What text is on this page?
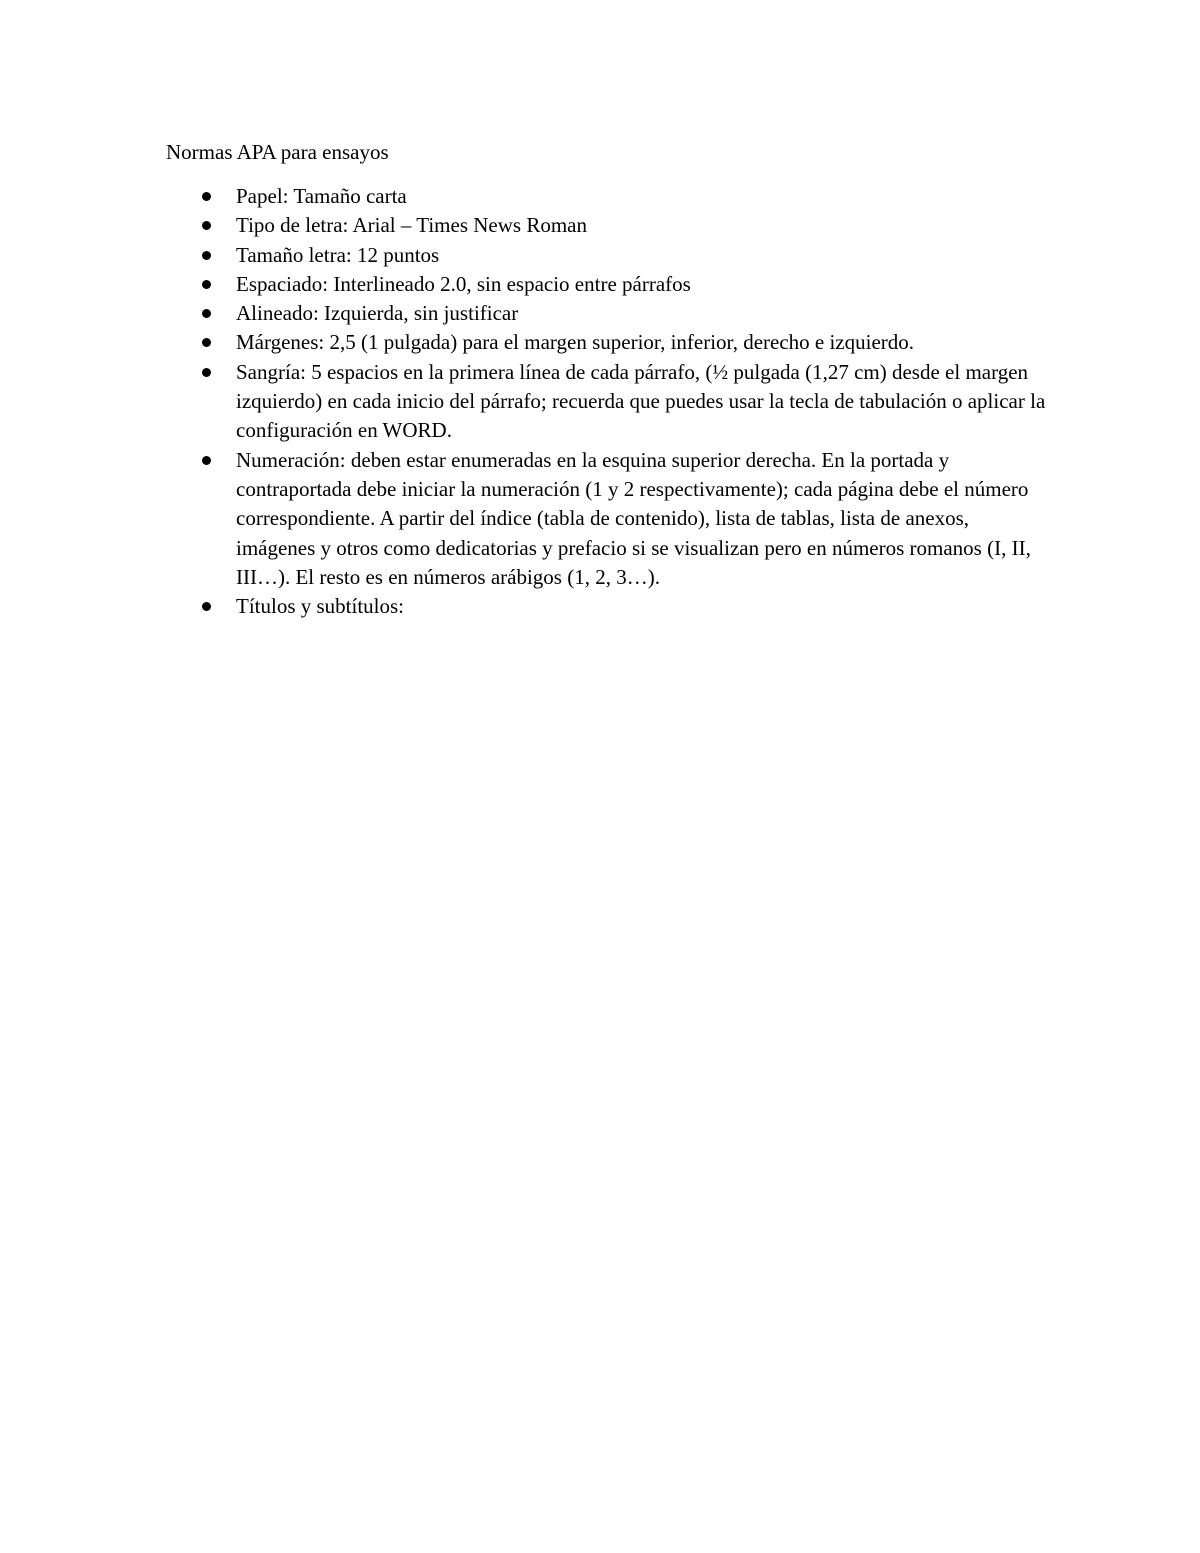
Normas APA para ensayos
Papel: Tamaño carta
Tipo de letra: Arial – Times News Roman
Tamaño letra: 12 puntos
Espaciado: Interlineado 2.0, sin espacio entre párrafos
Alineado: Izquierda, sin justificar
Márgenes: 2,5 (1 pulgada) para el margen superior, inferior, derecho e izquierdo.
Sangría: 5 espacios en la primera línea de cada párrafo, (½ pulgada (1,27 cm) desde el margen izquierdo) en cada inicio del párrafo; recuerda que puedes usar la tecla de tabulación o aplicar la configuración en WORD.
Numeración: deben estar enumeradas en la esquina superior derecha. En la portada y contraportada debe iniciar la numeración (1 y 2 respectivamente); cada página debe el número correspondiente. A partir del índice (tabla de contenido), lista de tablas, lista de anexos, imágenes y otros como dedicatorias y prefacio si se visualizan pero en números romanos (I, II, III…). El resto es en números arábigos (1, 2, 3…).
Títulos y subtítulos:
